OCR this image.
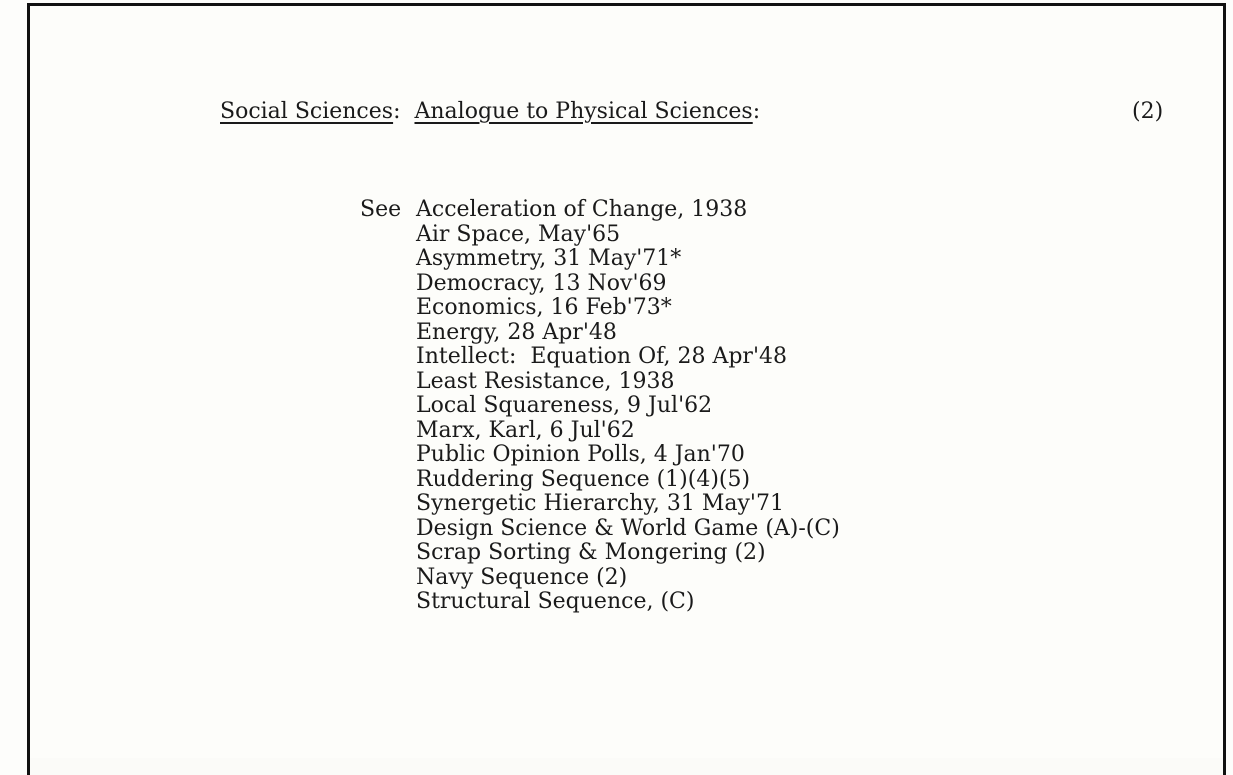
Social Sciences:  Analogue to Physical Sciences:	(2)
See Acceleration of Change, 1938
Air Space, May'65
Asymmetry, 31 May'71*
Democracy, 13 Nov'69
Economics, 16 Feb'73*
Energy, 28 Apr'48
Intellect:  Equation Of, 28 Apr'48
Least Resistance, 1938
Local Squareness, 9 Jul'62
Marx, Karl, 6 Jul'62
Public Opinion Polls, 4 Jan'70
Ruddering Sequence (1)(4)(5)
Synergetic Hierarchy, 31 May'71
Design Science & World Game (A)-(C)
Scrap Sorting & Mongering (2)
Navy Sequence (2)
Structural Sequence, (C)
